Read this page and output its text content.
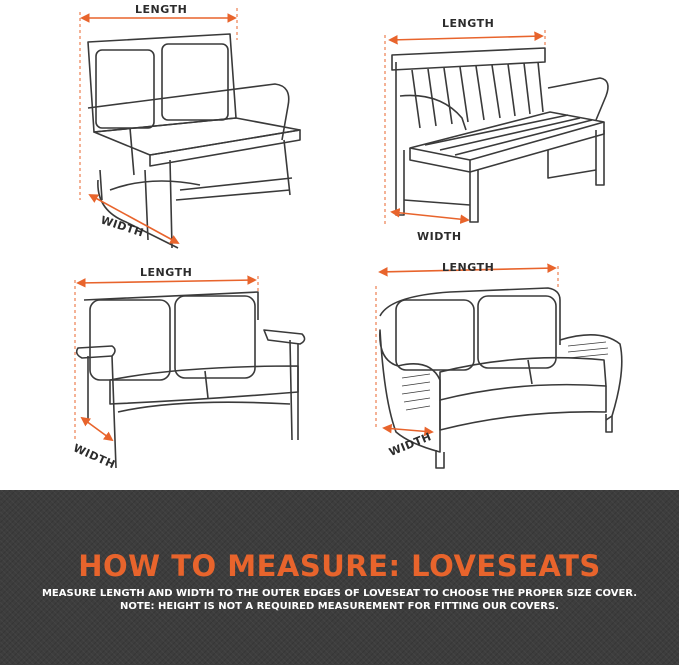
LENGTH
WIDTH
LENGTH
WIDTH
LENGTH
WIDTH
LENGTH
WIDTH
HOW TO MEASURE: LOVESEATS
MEASURE LENGTH AND WIDTH TO THE OUTER EDGES OF LOVESEAT TO CHOOSE THE PROPER SIZE COVER.
NOTE: HEIGHT IS NOT A REQUIRED MEASUREMENT FOR FITTING OUR COVERS.
